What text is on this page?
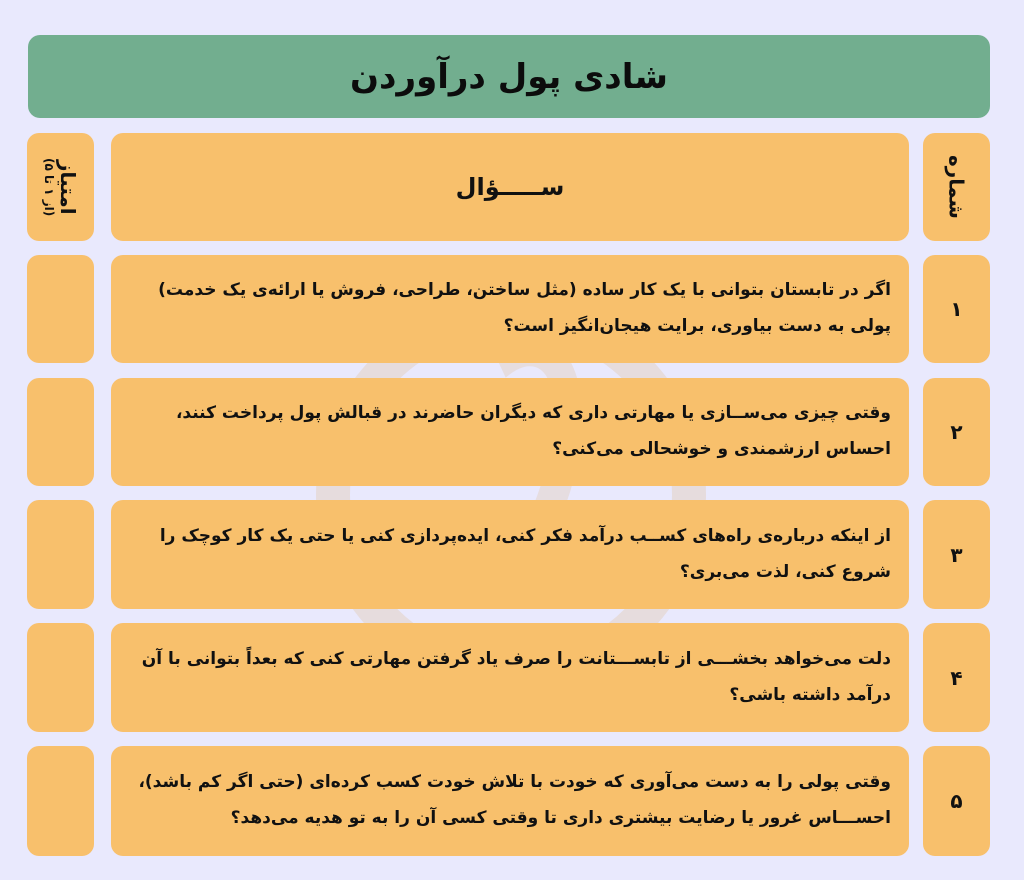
شادی پول درآوردن
امتیاز
(از ۱ تا ۵)
ســـــؤال	شماره
اگر در تابستان بتوانی با یک کار ساده (مثل ساختن، طراحی، فروش یا ارائه‌ی یک خدمت) پولی به دست بیاوری، برایت هیجان‌انگیز است؟
۱
وقتی چیزی می‌ســازی یا مهارتی داری که دیگران حاضرند در قبالش پول پرداخت کنند، احساس ارزشمندی و خوشحالی می‌کنی؟
۲
از اینکه درباره‌ی راه‌های کســب درآمد فکر کنی، ایده‌پردازی کنی یا حتی یک کار کوچک را شروع کنی، لذت می‌بری؟
۳
دلت می‌خواهد بخشـــی از تابســـتانت را صرف یاد گرفتن مهارتی کنی که بعداً بتوانی با آن درآمد داشته باشی؟
۴
وقتی پولی را به دست می‌آوری که خودت با تلاش خودت کسب کرده‌ای (حتی اگر کم باشد)، احســـاس غرور یا رضایت بیشتری داری تا وقتی کسی آن را به تو هدیه می‌دهد؟
۵
